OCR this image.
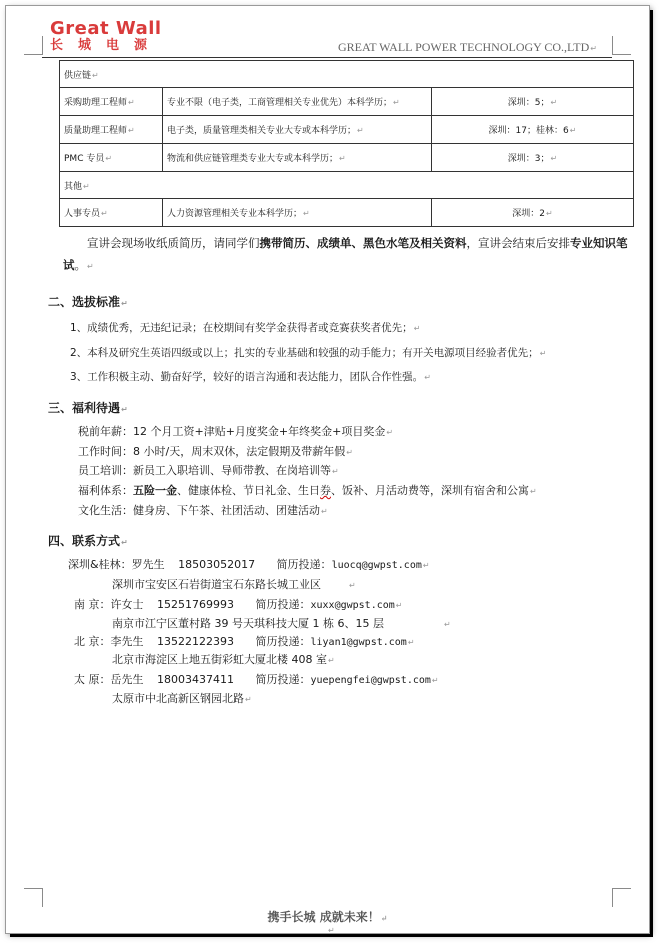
Great Wall
长城电源	GREAT WALL POWER TECHNOLOGY CO.,LTD↵
供应链↵		
采购助理工程师↵	专业不限（电子类，工商管理相关专业优先）本科学历；↵	深圳：5；↵
质量助理工程师↵	电子类，质量管理类相关专业大专或本科学历；↵	深圳：17；桂林：6↵
PMC 专员↵	物流和供应链管理类专业大专或本科学历；↵	深圳：3；↵
其他↵		
人事专员↵	人力资源管理相关专业本科学历；↵	深圳：2↵
宣讲会现场收纸质简历，请同学们携带简历、成绩单、黑色水笔及相关资料，宣讲会结束后安排专业知识笔试。↵
二、选拔标准↵
1、成绩优秀，无违纪记录；在校期间有奖学金获得者或竞赛获奖者优先；↵
2、本科及研究生英语四级或以上；扎实的专业基础和较强的动手能力；有开关电源项目经验者优先；↵
3、工作积极主动、勤奋好学，较好的语言沟通和表达能力，团队合作性强。↵
三、福利待遇↵
税前年薪：12 个月工资+津贴+月度奖金+年终奖金+项目奖金↵
工作时间：8 小时/天，周末双休，法定假期及带薪年假↵
员工培训：新员工入职培训、导师带教、在岗培训等↵
福利体系：五险一金、健康体检、节日礼金、生日券、饭补、月活动费等，深圳有宿舍和公寓↵
文化生活：健身房、下午茶、社团活动、团建活动↵
四、联系方式↵
深圳&桂林：罗先生 18503052017 简历投递：luocq@gwpst.com↵
深圳市宝安区石岩街道宝石东路长城工业区	↵
南 京：许女士 15251769993 简历投递：xuxx@gwpst.com↵
南京市江宁区董村路 39 号天琪科技大厦 1 栋 6、15 层	↵
北 京：李先生 13522122393 简历投递：liyan1@gwpst.com↵
北京市海淀区上地五街彩虹大厦北楼 408 室↵
太 原：岳先生 18003437411 简历投递：yuepengfei@gwpst.com↵
太原市中北高新区钢园北路↵
携手长城 成就未来！↵
↵
